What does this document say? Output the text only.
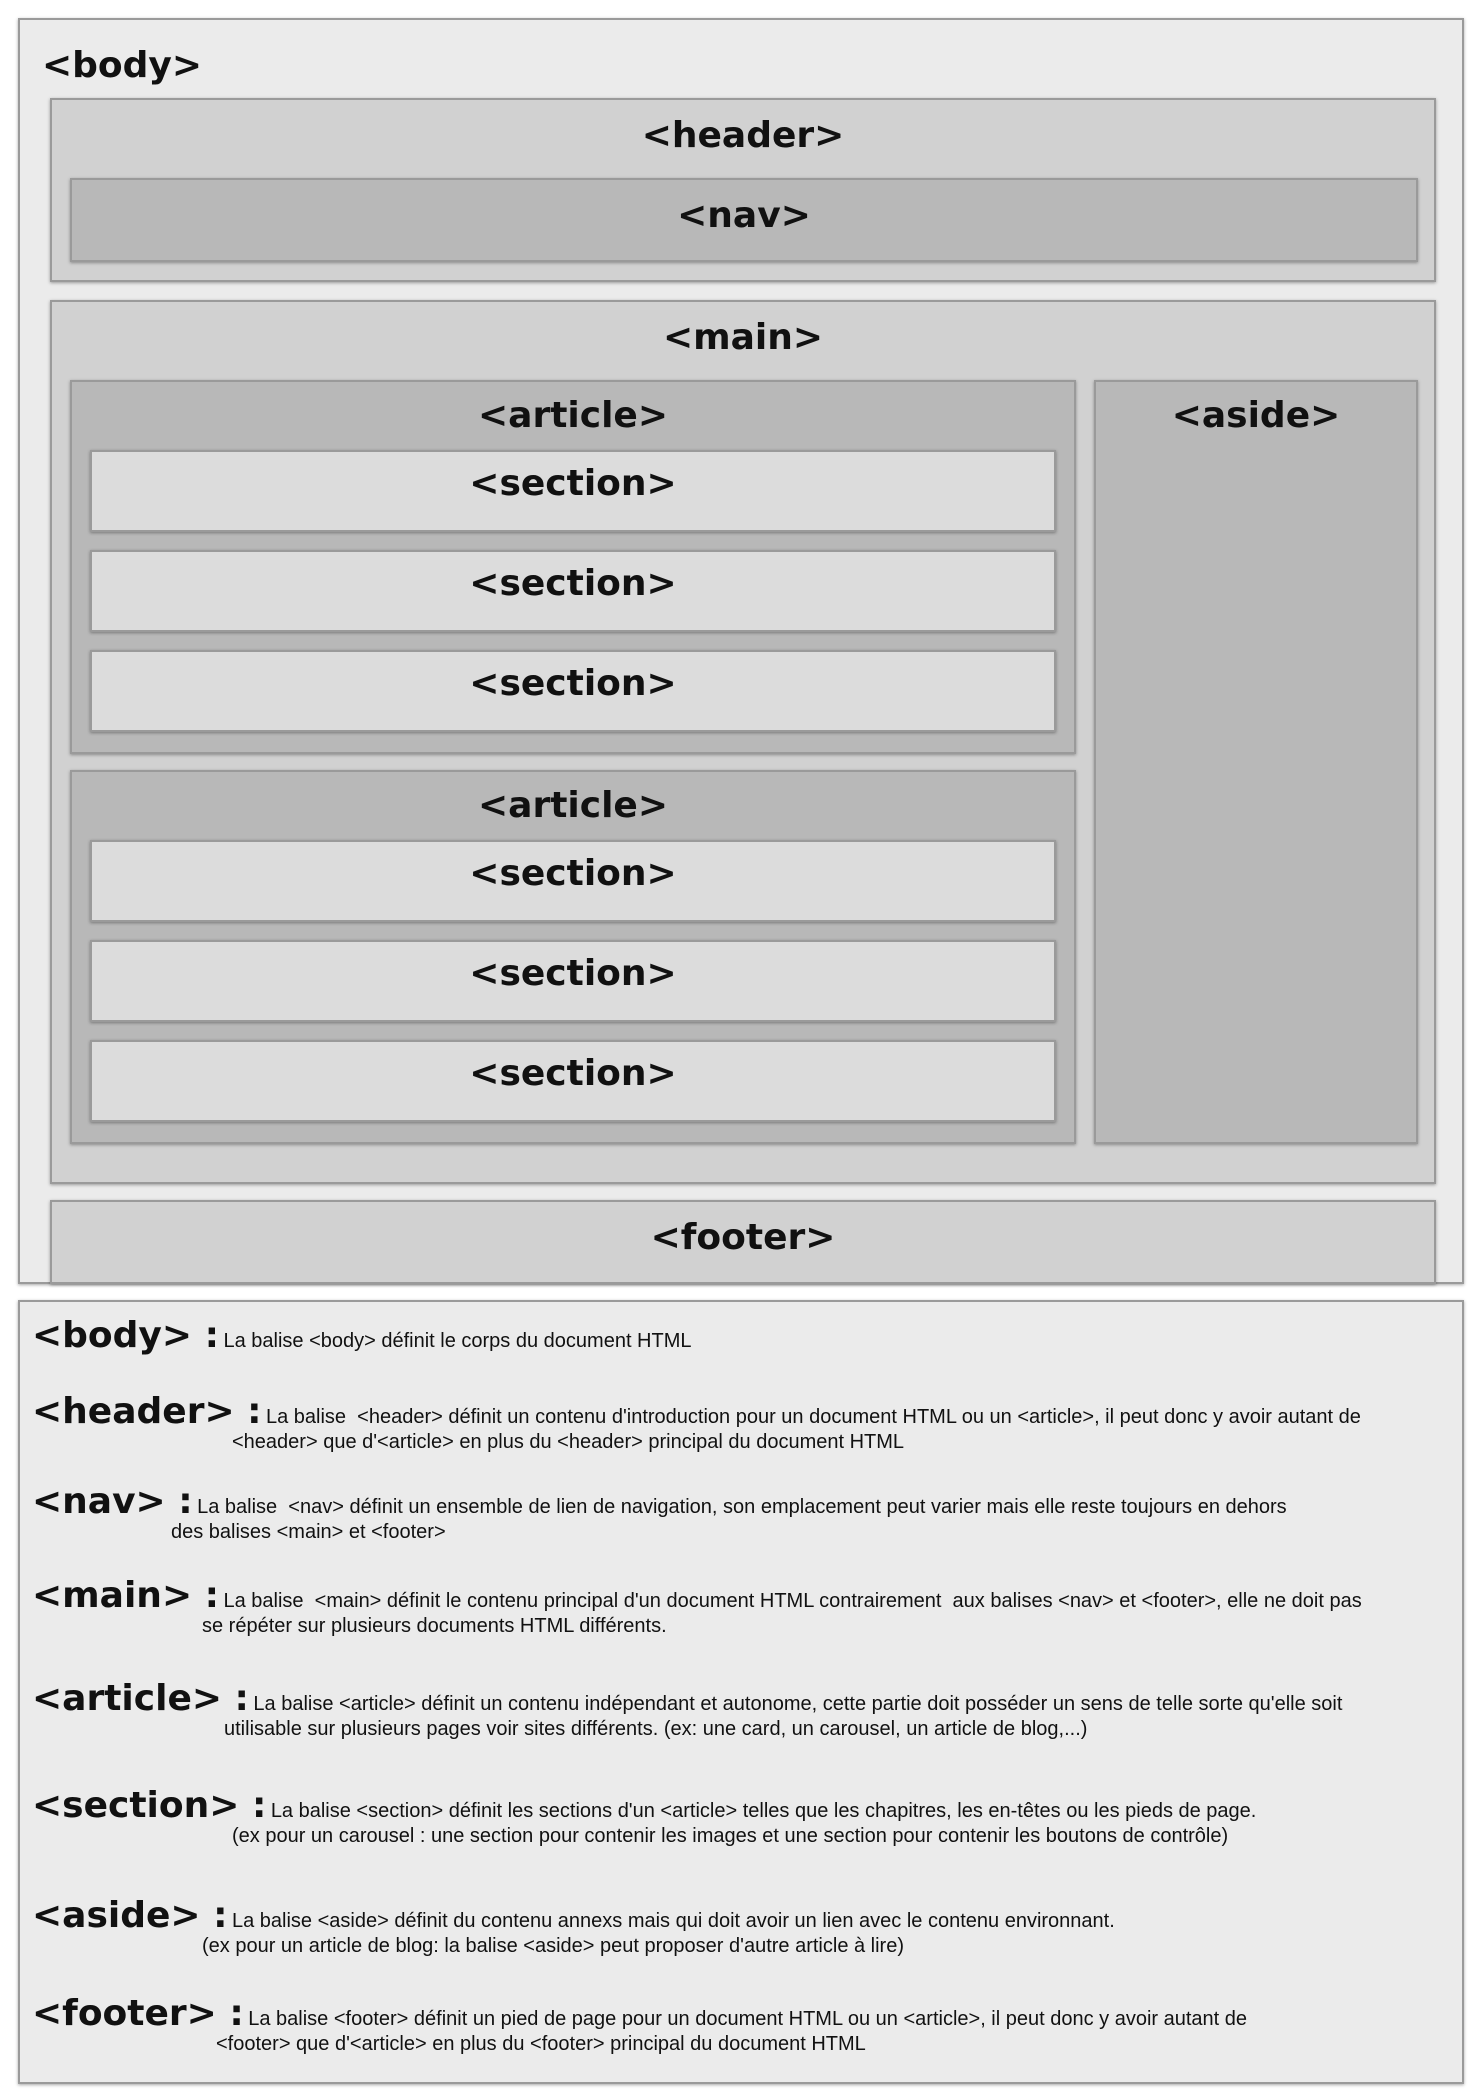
<body>
<header>
<nav>
<main>
<article>
<section>
<section>
<section>
<article>
<section>
<section>
<section>
<aside>
<footer>
<body> : La balise <body> définit le corps du document HTML
<header> : La balise  <header> définit un contenu d'introduction pour un document HTML ou un <article>, il peut donc y avoir autant de
<header> que d'<article> en plus du <header> principal du document HTML
<nav> : La balise  <nav> définit un ensemble de lien de navigation, son emplacement peut varier mais elle reste toujours en dehors
des balises <main> et <footer>
<main> : La balise  <main> définit le contenu principal d'un document HTML contrairement  aux balises <nav> et <footer>, elle ne doit pas
se répéter sur plusieurs documents HTML différents.
<article> : La balise <article> définit un contenu indépendant et autonome, cette partie doit posséder un sens de telle sorte qu'elle soit
utilisable sur plusieurs pages voir sites différents. (ex: une card, un carousel, un article de blog,...)
<section> : La balise <section> définit les sections d'un <article> telles que les chapitres, les en-têtes ou les pieds de page.
(ex pour un carousel : une section pour contenir les images et une section pour contenir les boutons de contrôle)
<aside> : La balise <aside> définit du contenu annexs mais qui doit avoir un lien avec le contenu environnant.
(ex pour un article de blog: la balise <aside> peut proposer d'autre article à lire)
<footer> : La balise <footer> définit un pied de page pour un document HTML ou un <article>, il peut donc y avoir autant de
<footer> que d'<article> en plus du <footer> principal du document HTML
